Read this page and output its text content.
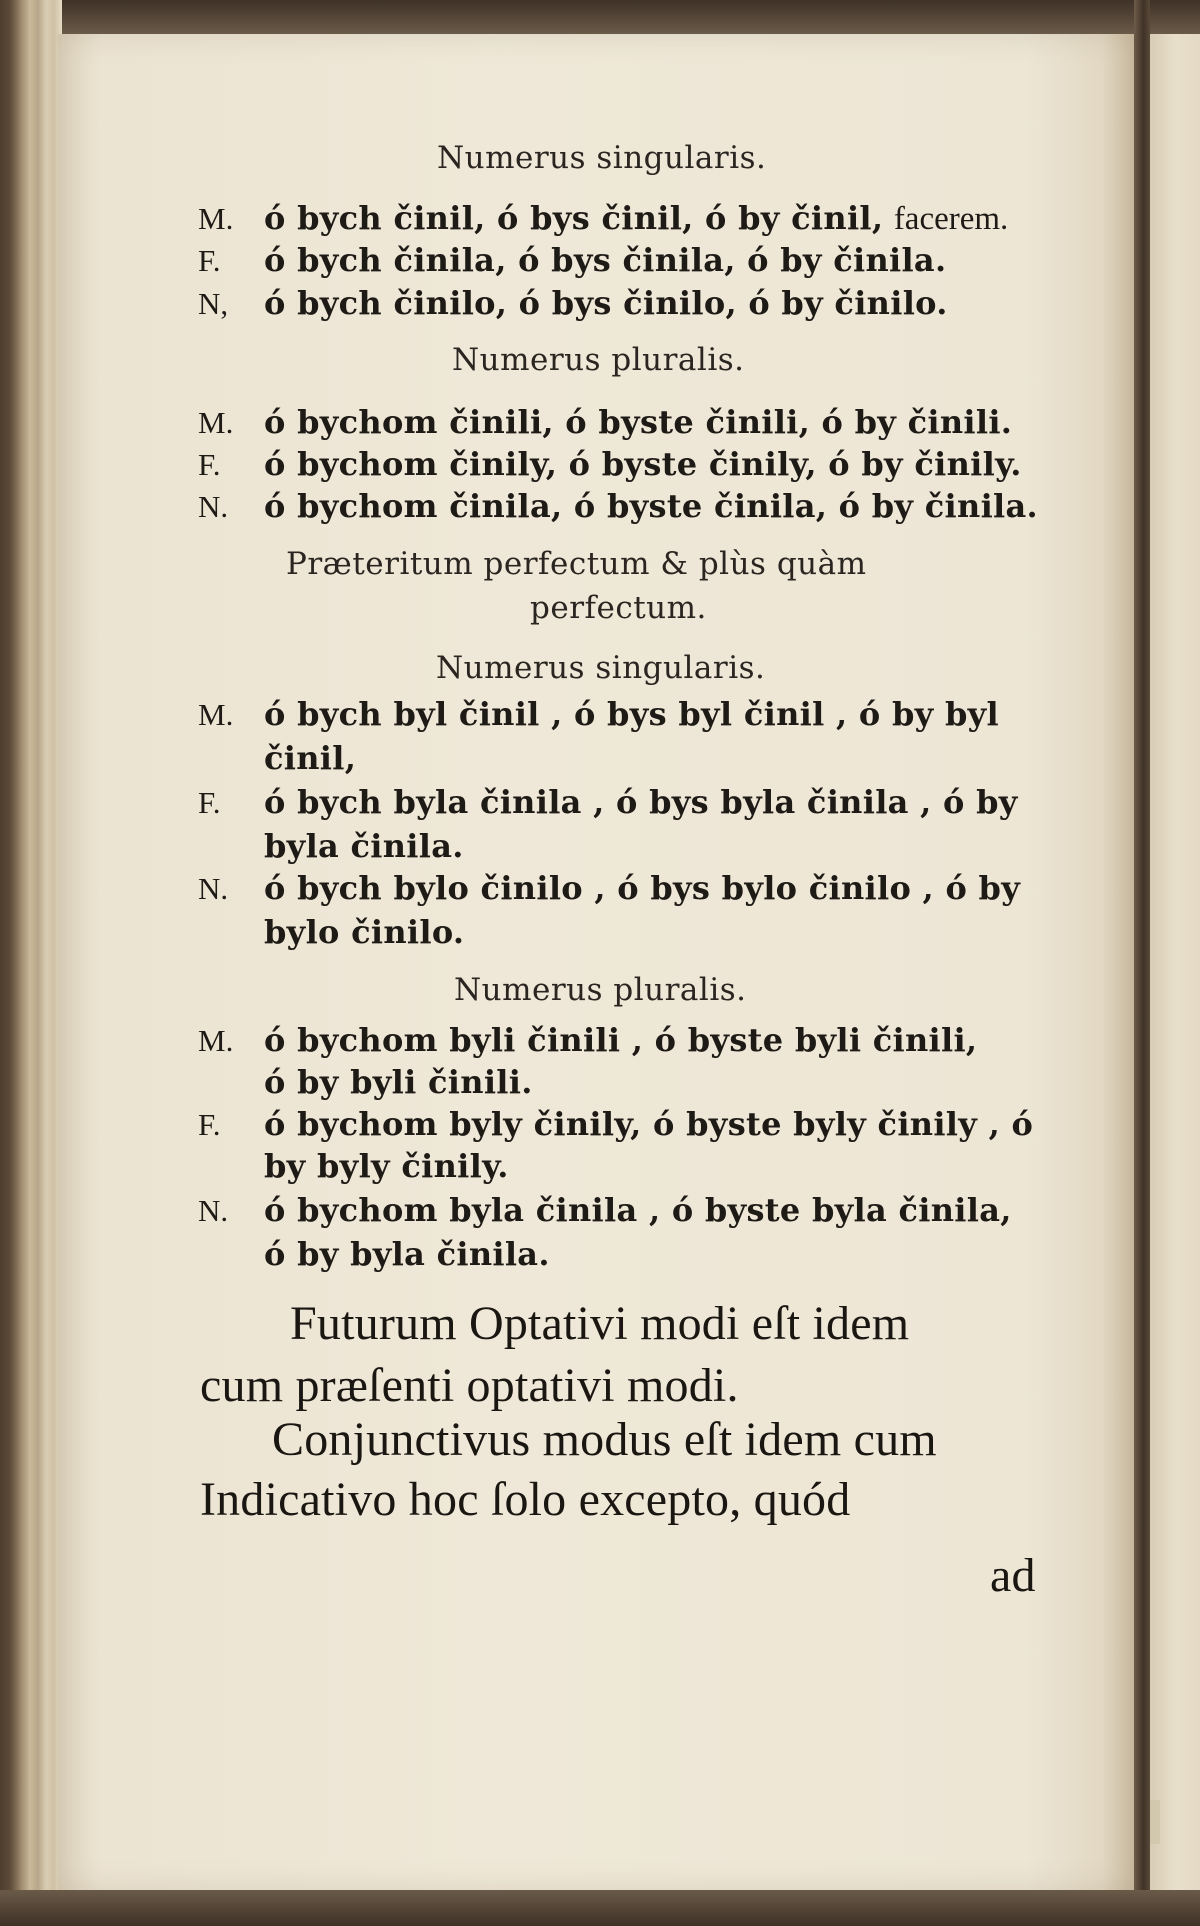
Numerus singularis.
M. ó bych činil, ó bys činil, ó by činil, facerem.
F. ó bych činila, ó bys činila, ó by činila.
N, ó bych činilo, ó bys činilo, ó by činilo.
Numerus pluralis.
M. ó bychom činili, ó byste činili, ó by činili.
F. ó bychom činily, ó byste činily, ó by činily.
N. ó bychom činila, ó byste činila, ó by činila.
Præteritum perfectum & plùs quàm
perfectum.
Numerus singularis.
M. ó bych byl činil , ó bys byl činil , ó by byl
činil,
F. ó bych byla činila , ó bys byla činila , ó by
byla činila.
N. ó bych bylo činilo , ó bys bylo činilo , ó by
bylo činilo.
Numerus pluralis.
M. ó bychom byli činili , ó byste byli činili,
ó by byli činili.
F. ó bychom byly činily, ó byste byly činily , ó
by byly činily.
N. ó bychom byla činila , ó byste byla činila,
ó by byla činila.
Futurum Optativi modi eſt idem
cum præſenti optativi modi.
Conjunctivus modus eſt idem cum
Indicativo hoc ſolo excepto, quód
ad
